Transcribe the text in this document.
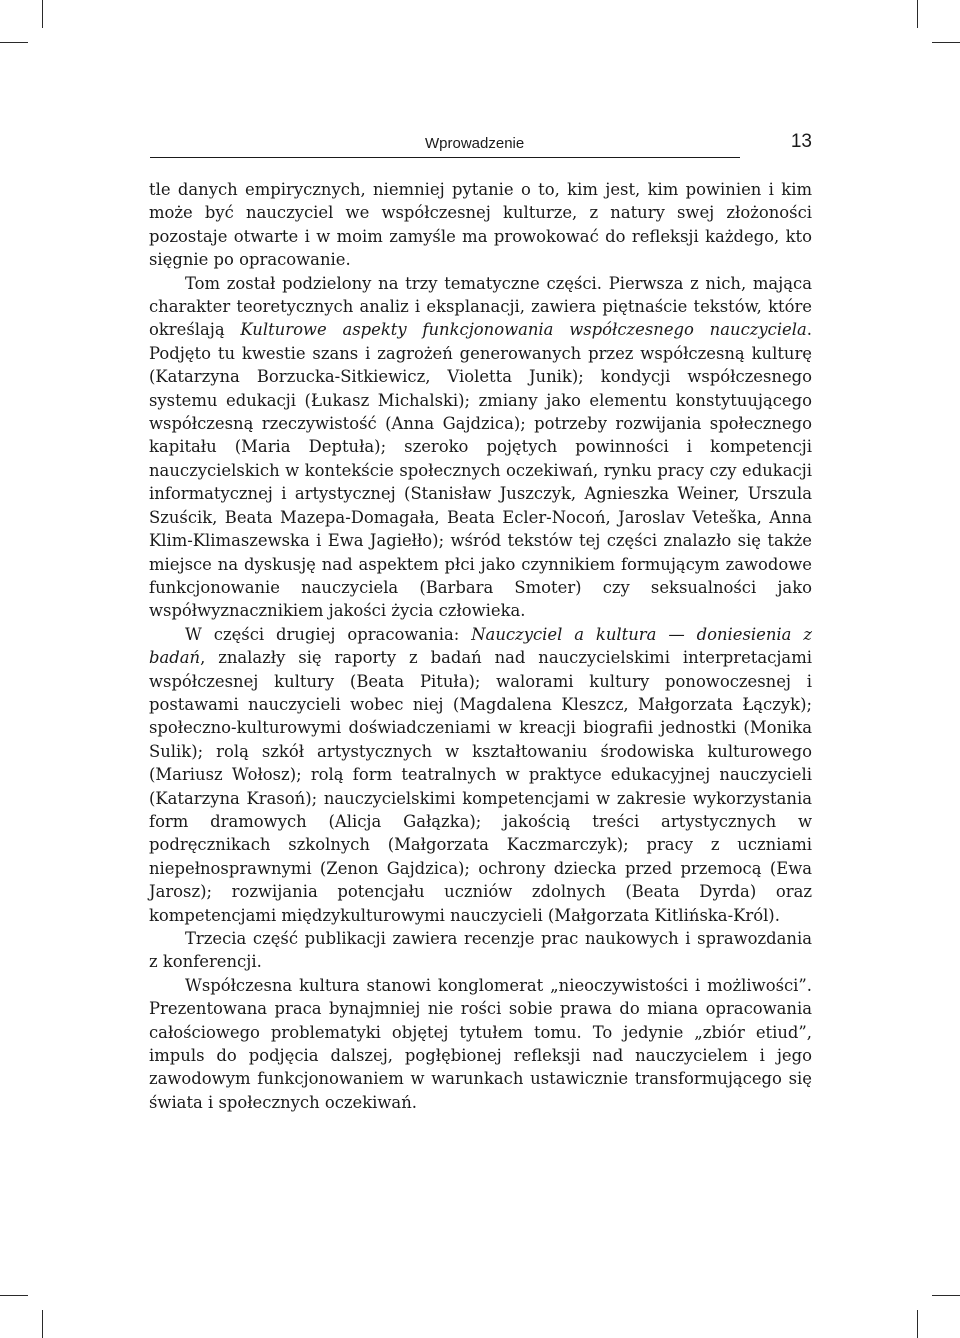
Wprowadzenie	13

tle danych empirycznych, niemniej pytanie o to, kim jest, kim powinien i kim może być nauczyciel we współczesnej kulturze, z natury swej złożoności pozostaje otwarte i w moim zamyśle ma prowokować do refleksji każdego, kto sięgnie po opracowanie.

Tom został podzielony na trzy tematyczne części. Pierwsza z nich, mająca charakter teoretycznych analiz i eksplanacji, zawiera piętnaście tekstów, które określają Kulturowe aspekty funkcjonowania współczesnego nauczyciela. Podjęto tu kwestie szans i zagrożeń generowanych przez współczesną kulturę (Katarzyna Borzucka-Sitkiewicz, Violetta Junik); kondycji współczesnego systemu edukacji (Łukasz Michalski); zmiany jako elementu konstytuującego współczesną rzeczywistość (Anna Gajdzica); potrzeby rozwijania społecznego kapitału (Maria Deptuła); szeroko pojętych powinności i kompetencji nauczycielskich w kontekście społecznych oczekiwań, rynku pracy czy edukacji informatycznej i artystycznej (Stanisław Juszczyk, Agnieszka Weiner, Urszula Szuścik, Beata Mazepa-Domagała, Beata Ecler-Nocoń, Jaroslav Veteška, Anna Klim-Klimaszewska i Ewa Jagiełło); wśród tekstów tej części znalazło się także miejsce na dyskusję nad aspektem płci jako czynnikiem formującym zawodowe funkcjonowanie nauczyciela (Barbara Smoter) czy seksualności jako współwyznacznikiem jakości życia człowieka.

W części drugiej opracowania: Nauczyciel a kultura — doniesienia z badań, znalazły się raporty z badań nad nauczycielskimi interpretacjami współczesnej kultury (Beata Pituła); walorami kultury ponowoczesnej i postawami nauczycieli wobec niej (Magdalena Kleszcz, Małgorzata Łączyk); społeczno-kulturowymi doświadczeniami w kreacji biografii jednostki (Monika Sulik); rolą szkół artystycznych w kształtowaniu środowiska kulturowego (Mariusz Wołosz); rolą form teatralnych w praktyce edukacyjnej nauczycieli (Katarzyna Krasoń); nauczycielskimi kompetencjami w zakresie wykorzystania form dramowych (Alicja Gałązka); jakością treści artystycznych w podręcznikach szkolnych (Małgorzata Kaczmarczyk); pracy z uczniami niepełnosprawnymi (Zenon Gajdzica); ochrony dziecka przed przemocą (Ewa Jarosz); rozwijania potencjału uczniów zdolnych (Beata Dyrda) oraz kompetencjami międzykulturowymi nauczycieli (Małgorzata Kitlińska-Król).

Trzecia część publikacji zawiera recenzje prac naukowych i sprawozdania z konferencji.

Współczesna kultura stanowi konglomerat „nieoczywistości i możliwości”. Prezentowana praca bynajmniej nie rości sobie prawa do miana opracowania całościowego problematyki objętej tytułem tomu. To jedynie „zbiór etiud”, impuls do podjęcia dalszej, pogłębionej refleksji nad nauczycielem i jego zawodowym funkcjonowaniem w warunkach ustawicznie transformującego się świata i społecznych oczekiwań.
